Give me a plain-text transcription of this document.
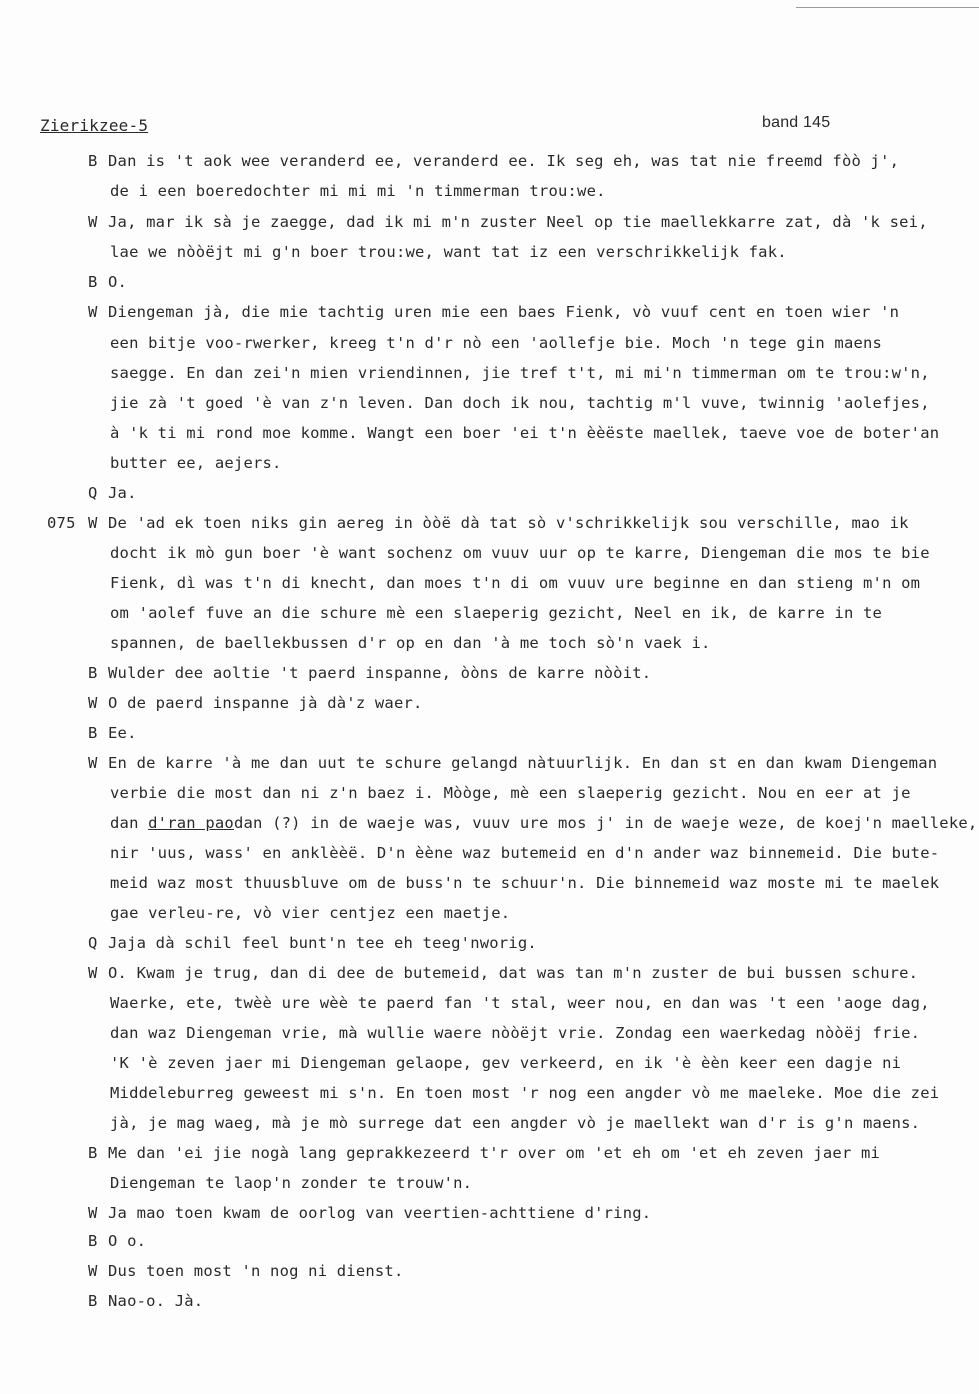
Zierikzee-5	band 145
B Dan is 't aok wee veranderd ee, veranderd ee. Ik seg eh, was tat nie freemd fòò j',
de i een boeredochter mi mi mi 'n timmerman trou:we.
W Ja, mar ik sà je zaegge, dad ik mi m'n zuster Neel op tie maellekkarre zat, dà 'k sei,
lae we nòòëjt mi g'n boer trou:we, want tat iz een verschrikkelijk fak.
B O.
W Diengeman jà, die mie tachtig uren mie een baes Fienk, vò vuuf cent en toen wier 'n
een bitje voo-rwerker, kreeg t'n d'r nò een 'aollefje bie. Moch 'n tege gin maens
saegge. En dan zei'n mien vriendinnen, jie tref t't, mi mi'n timmerman om te trou:w'n,
jie zà 't goed 'è van z'n leven. Dan doch ik nou, tachtig m'l vuve, twinnig 'aolefjes,
à 'k ti mi rond moe komme. Wangt een boer 'ei t'n èèëste maellek, taeve voe de boter'an
butter ee, aejers.
Q Ja.
075 W De 'ad ek toen niks gin aereg in òòë dà tat sò v'schrikkelijk sou verschille, mao ik
docht ik mò gun boer 'è want sochenz om vuuv uur op te karre, Diengeman die mos te bie
Fienk, dì was t'n di knecht, dan moes t'n di om vuuv ure beginne en dan stieng m'n om
om 'aolef fuve an die schure mè een slaeperig gezicht, Neel en ik, de karre in te
spannen, de baellekbussen d'r op en dan 'à me toch sò'n vaek i.
B Wulder dee aoltie 't paerd inspanne, òòns de karre nòòit.
W O de paerd inspanne jà dà'z waer.
B Ee.
W En de karre 'à me dan uut te schure gelangd nàtuurlijk. En dan st en dan kwam Diengeman
verbie die most dan ni z'n baez i. Mòòge, mè een slaeperig gezicht. Nou en eer at je
dan d'ran paodan (?) in de waeje was, vuuv ure mos j' in de waeje weze, de koej'n maelleke,
nir 'uus, wass' en anklèèë. D'n èène waz butemeid en d'n ander waz binnemeid. Die bute-
meid waz most thuusbluve om de buss'n te schuur'n. Die binnemeid waz moste mi te maelek
gae verleu-re, vò vier centjez een maetje.
Q Jaja dà schil feel bunt'n tee eh teeg'nworig.
W O. Kwam je trug, dan di dee de butemeid, dat was tan m'n zuster de bui bussen schure.
Waerke, ete, twèè ure wèè te paerd fan 't stal, weer nou, en dan was 't een 'aoge dag,
dan waz Diengeman vrie, mà wullie waere nòòëjt vrie. Zondag een waerkedag nòòëj frie.
'K 'è zeven jaer mi Diengeman gelaope, gev verkeerd, en ik 'è èèn keer een dagje ni
Middeleburreg geweest mi s'n. En toen most 'r nog een angder vò me maeleke. Moe die zei
jà, je mag waeg, mà je mò surrege dat een angder vò je maellekt wan d'r is g'n maens.
B Me dan 'ei jie nogà lang geprakkezeerd t'r over om 'et eh om 'et eh zeven jaer mi
Diengeman te laop'n zonder te trouw'n.
W Ja mao toen kwam de oorlog van veertien-achttiene d'ring.
B O o.
W Dus toen most 'n nog ni dienst.
B Nao-o. Jà.
